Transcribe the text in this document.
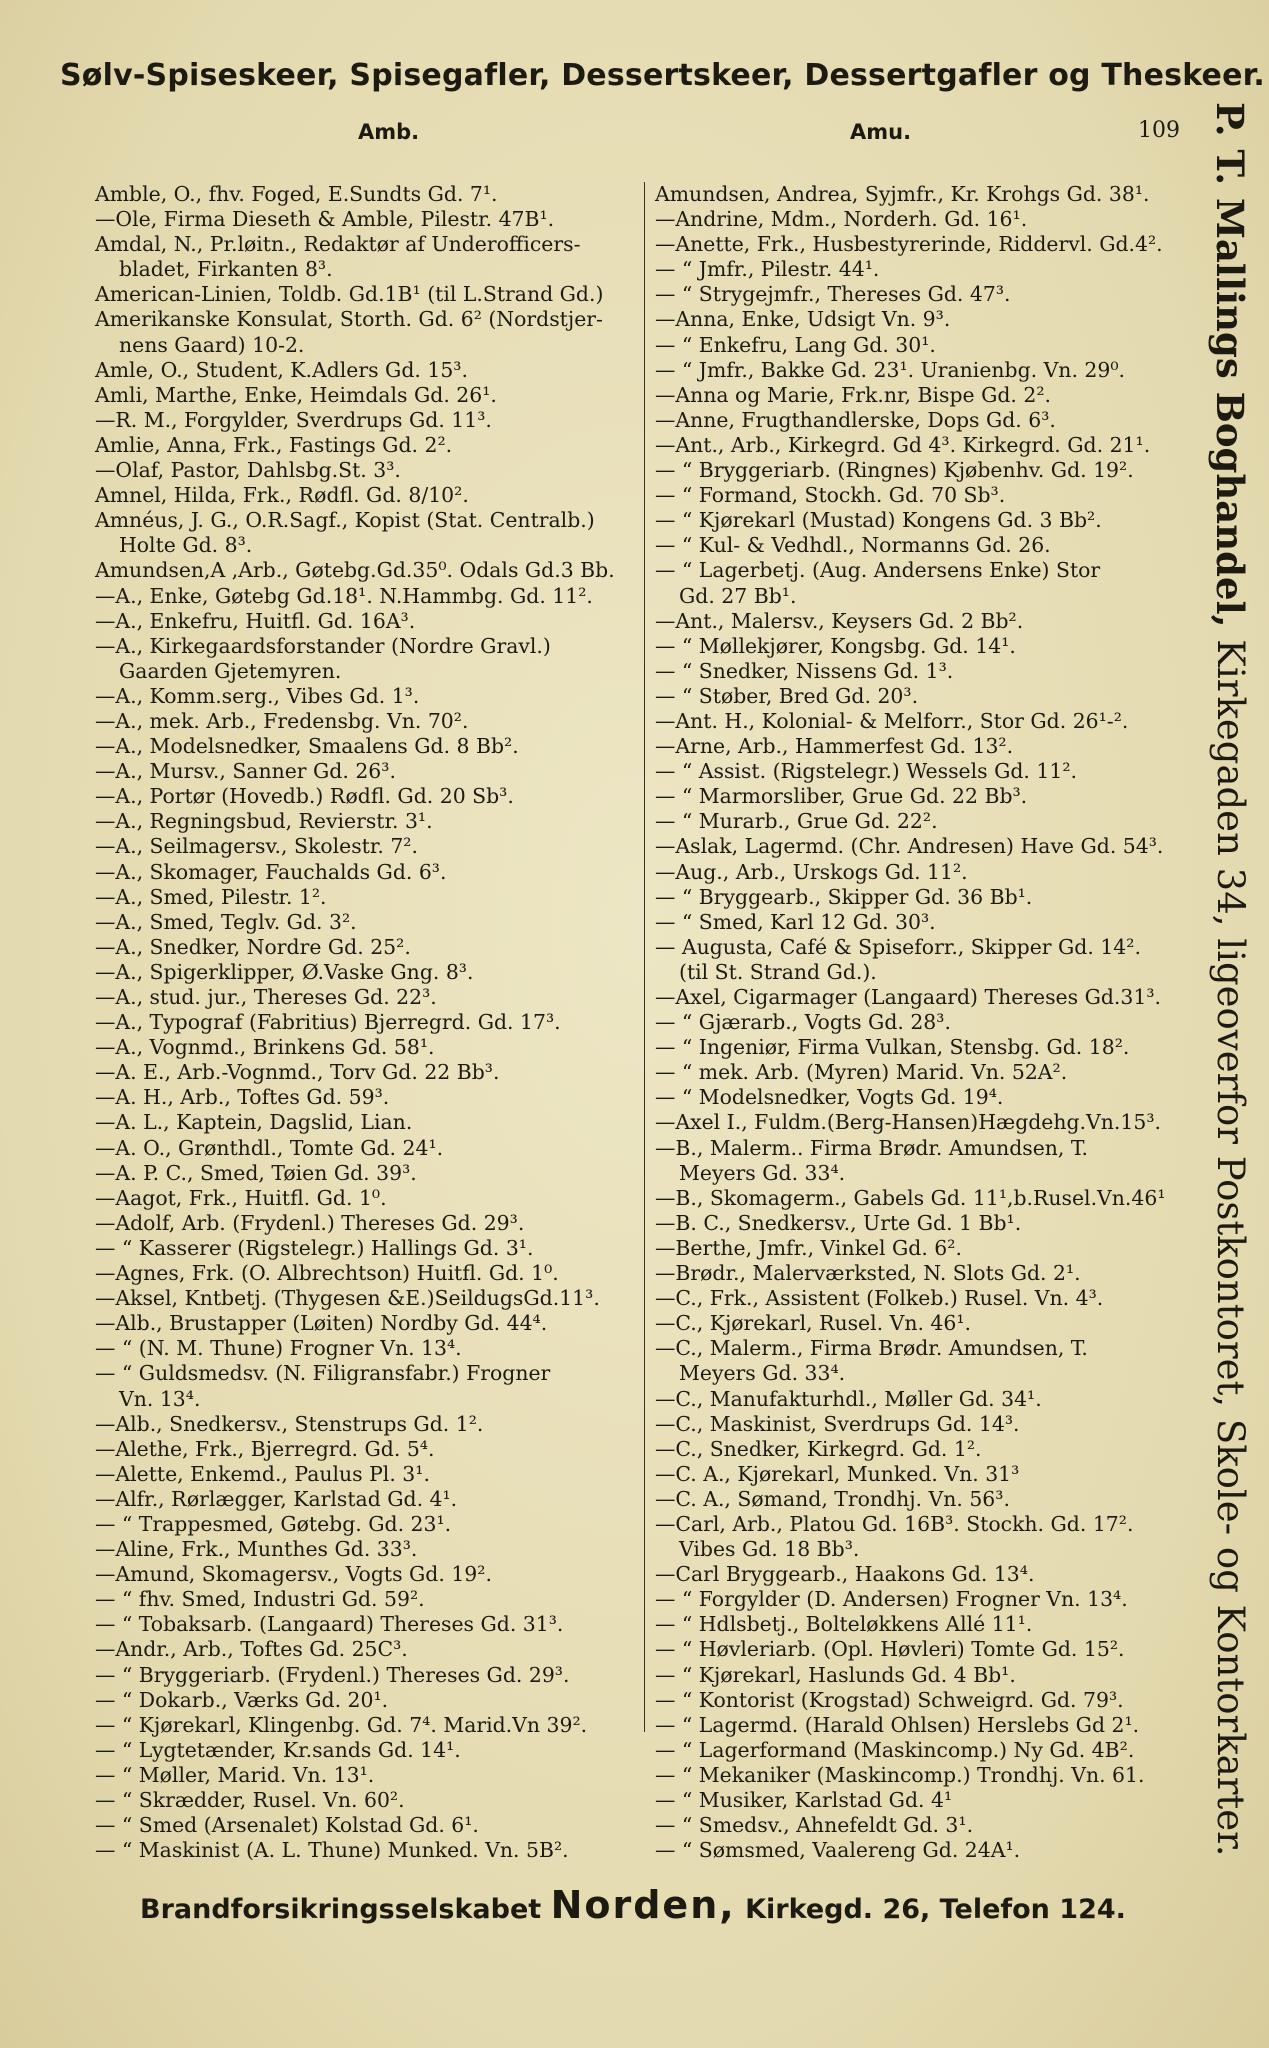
Sølv-Spiseskeer, Spisegafler, Dessertskeer, Dessertgafler og Theskeer.
Amb.	Amu.	109
Amble, O., fhv. Foged, E.Sundts Gd. 7¹.
—Ole, Firma Dieseth & Amble, Pilestr. 47B¹.
Amdal, N., Pr.løitn., Redaktør af Underofficers-
bladet, Firkanten 8³.
American-Linien, Toldb. Gd.1B¹ (til L.Strand Gd.)
Amerikanske Konsulat, Storth. Gd. 6² (Nordstjer-
nens Gaard) 10-2.
Amle, O., Student, K.Adlers Gd. 15³.
Amli, Marthe, Enke, Heimdals Gd. 26¹.
—R. M., Forgylder, Sverdrups Gd. 11³.
Amlie, Anna, Frk., Fastings Gd. 2².
—Olaf, Pastor, Dahlsbg.St. 3³.
Amnel, Hilda, Frk., Rødfl. Gd. 8/10².
Amnéus, J. G., O.R.Sagf., Kopist (Stat. Centralb.)
Holte Gd. 8³.
Amundsen,A ,Arb., Gøtebg.Gd.35⁰. Odals Gd.3 Bb.
—A., Enke, Gøtebg Gd.18¹. N.Hammbg. Gd. 11².
—A., Enkefru, Huitfl. Gd. 16A³.
—A., Kirkegaardsforstander (Nordre Gravl.)
Gaarden Gjetemyren.
—A., Komm.serg., Vibes Gd. 1³.
—A., mek. Arb., Fredensbg. Vn. 70².
—A., Modelsnedker, Smaalens Gd. 8 Bb².
—A., Mursv., Sanner Gd. 26³.
—A., Portør (Hovedb.) Rødfl. Gd. 20 Sb³.
—A., Regningsbud, Revierstr. 3¹.
—A., Seilmagersv., Skolestr. 7².
—A., Skomager, Fauchalds Gd. 6³.
—A., Smed, Pilestr. 1².
—A., Smed, Teglv. Gd. 3².
—A., Snedker, Nordre Gd. 25².
—A., Spigerklipper, Ø.Vaske Gng. 8³.
—A., stud. jur., Thereses Gd. 22³.
—A., Typograf (Fabritius) Bjerregrd. Gd. 17³.
—A., Vognmd., Brinkens Gd. 58¹.
—A. E., Arb.-Vognmd., Torv Gd. 22 Bb³.
—A. H., Arb., Toftes Gd. 59³.
—A. L., Kaptein, Dagslid, Lian.
—A. O., Grønthdl., Tomte Gd. 24¹.
—A. P. C., Smed, Tøien Gd. 39³.
—Aagot, Frk., Huitfl. Gd. 1⁰.
—Adolf, Arb. (Frydenl.) Thereses Gd. 29³.
— “ Kasserer (Rigstelegr.) Hallings Gd. 3¹.
—Agnes, Frk. (O. Albrechtson) Huitfl. Gd. 1⁰.
—Aksel, Kntbetj. (Thygesen &E.)SeildugsGd.11³.
—Alb., Brustapper (Løiten) Nordby Gd. 44⁴.
— “ (N. M. Thune) Frogner Vn. 13⁴.
— “ Guldsmedsv. (N. Filigransfabr.) Frogner
Vn. 13⁴.
—Alb., Snedkersv., Stenstrups Gd. 1².
—Alethe, Frk., Bjerregrd. Gd. 5⁴.
—Alette, Enkemd., Paulus Pl. 3¹.
—Alfr., Rørlægger, Karlstad Gd. 4¹.
— “ Trappesmed, Gøtebg. Gd. 23¹.
—Aline, Frk., Munthes Gd. 33³.
—Amund, Skomagersv., Vogts Gd. 19².
— “ fhv. Smed, Industri Gd. 59².
— “ Tobaksarb. (Langaard) Thereses Gd. 31³.
—Andr., Arb., Toftes Gd. 25C³.
— “ Bryggeriarb. (Frydenl.) Thereses Gd. 29³.
— “ Dokarb., Værks Gd. 20¹.
— “ Kjørekarl, Klingenbg. Gd. 7⁴. Marid.Vn 39².
— “ Lygtetænder, Kr.sands Gd. 14¹.
— “ Møller, Marid. Vn. 13¹.
— “ Skrædder, Rusel. Vn. 60².
— “ Smed (Arsenalet) Kolstad Gd. 6¹.
— “ Maskinist (A. L. Thune) Munked. Vn. 5B².
Amundsen, Andrea, Syjmfr., Kr. Krohgs Gd. 38¹.
—Andrine, Mdm., Norderh. Gd. 16¹.
—Anette, Frk., Husbestyrerinde, Riddervl. Gd.4².
— “ Jmfr., Pilestr. 44¹.
— “ Strygejmfr., Thereses Gd. 47³.
—Anna, Enke, Udsigt Vn. 9³.
— “ Enkefru, Lang Gd. 30¹.
— “ Jmfr., Bakke Gd. 23¹. Uranienbg. Vn. 29⁰.
—Anna og Marie, Frk.nr, Bispe Gd. 2².
—Anne, Frugthandlerske, Dops Gd. 6³.
—Ant., Arb., Kirkegrd. Gd 4³. Kirkegrd. Gd. 21¹.
— “ Bryggeriarb. (Ringnes) Kjøbenhv. Gd. 19².
— “ Formand, Stockh. Gd. 70 Sb³.
— “ Kjørekarl (Mustad) Kongens Gd. 3 Bb².
— “ Kul- & Vedhdl., Normanns Gd. 26.
— “ Lagerbetj. (Aug. Andersens Enke) Stor
Gd. 27 Bb¹.
—Ant., Malersv., Keysers Gd. 2 Bb².
— “ Møllekjører, Kongsbg. Gd. 14¹.
— “ Snedker, Nissens Gd. 1³.
— “ Støber, Bred Gd. 20³.
—Ant. H., Kolonial- & Melforr., Stor Gd. 26¹-².
—Arne, Arb., Hammerfest Gd. 13².
— “ Assist. (Rigstelegr.) Wessels Gd. 11².
— “ Marmorsliber, Grue Gd. 22 Bb³.
— “ Murarb., Grue Gd. 22².
—Aslak, Lagermd. (Chr. Andresen) Have Gd. 54³.
—Aug., Arb., Urskogs Gd. 11².
— “ Bryggearb., Skipper Gd. 36 Bb¹.
— “ Smed, Karl 12 Gd. 30³.
— Augusta, Café & Spiseforr., Skipper Gd. 14².
(til St. Strand Gd.).
—Axel, Cigarmager (Langaard) Thereses Gd.31³.
— “ Gjærarb., Vogts Gd. 28³.
— “ Ingeniør, Firma Vulkan, Stensbg. Gd. 18².
— “ mek. Arb. (Myren) Marid. Vn. 52A².
— “ Modelsnedker, Vogts Gd. 19⁴.
—Axel I., Fuldm.(Berg-Hansen)Hægdehg.Vn.15³.
—B., Malerm.. Firma Brødr. Amundsen, T.
Meyers Gd. 33⁴.
—B., Skomagerm., Gabels Gd. 11¹,b.Rusel.Vn.46¹
—B. C., Snedkersv., Urte Gd. 1 Bb¹.
—Berthe, Jmfr., Vinkel Gd. 6².
—Brødr., Malerværksted, N. Slots Gd. 2¹.
—C., Frk., Assistent (Folkeb.) Rusel. Vn. 4³.
—C., Kjørekarl, Rusel. Vn. 46¹.
—C., Malerm., Firma Brødr. Amundsen, T.
Meyers Gd. 33⁴.
—C., Manufakturhdl., Møller Gd. 34¹.
—C., Maskinist, Sverdrups Gd. 14³.
—C., Snedker, Kirkegrd. Gd. 1².
—C. A., Kjørekarl, Munked. Vn. 31³
—C. A., Sømand, Trondhj. Vn. 56³.
—Carl, Arb., Platou Gd. 16B³. Stockh. Gd. 17².
Vibes Gd. 18 Bb³.
—Carl Bryggearb., Haakons Gd. 13⁴.
— “ Forgylder (D. Andersen) Frogner Vn. 13⁴.
— “ Hdlsbetj., Bolteløkkens Allé 11¹.
— “ Høvleriarb. (Opl. Høvleri) Tomte Gd. 15².
— “ Kjørekarl, Haslunds Gd. 4 Bb¹.
— “ Kontorist (Krogstad) Schweigrd. Gd. 79³.
— “ Lagermd. (Harald Ohlsen) Herslebs Gd 2¹.
— “ Lagerformand (Maskincomp.) Ny Gd. 4B².
— “ Mekaniker (Maskincomp.) Trondhj. Vn. 61.
— “ Musiker, Karlstad Gd. 4¹
— “ Smedsv., Ahnefeldt Gd. 3¹.
— “ Sømsmed, Vaalereng Gd. 24A¹.
P. T. Mallings Boghandel, Kirkegaden 34, ligeoverfor Postkontoret, Skole- og Kontorkarter.
Brandforsikringsselskabet Norden, Kirkegd. 26, Telefon 124.
